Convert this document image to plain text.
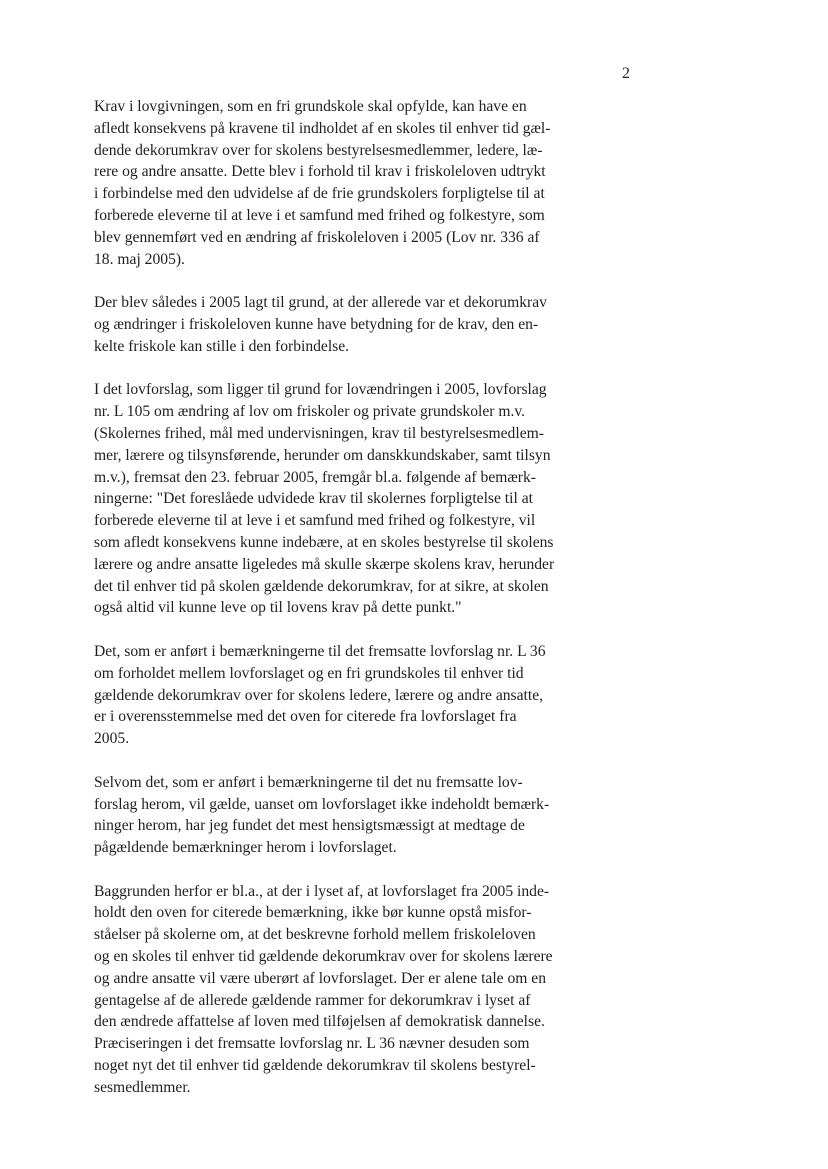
2

Krav i lovgivningen, som en fri grundskole skal opfylde, kan have en
afledt konsekvens på kravene til indholdet af en skoles til enhver tid gæl-
dende dekorumkrav over for skolens bestyrelsesmedlemmer, ledere, læ-
rere og andre ansatte. Dette blev i forhold til krav i friskoleloven udtrykt
i forbindelse med den udvidelse af de frie grundskolers forpligtelse til at
forberede eleverne til at leve i et samfund med frihed og folkestyre, som
blev gennemført ved en ændring af friskoleloven i 2005 (Lov nr. 336 af
18. maj 2005).

Der blev således i 2005 lagt til grund, at der allerede var et dekorumkrav
og ændringer i friskoleloven kunne have betydning for de krav, den en-
kelte friskole kan stille i den forbindelse.

I det lovforslag, som ligger til grund for lovændringen i 2005, lovforslag
nr. L 105 om ændring af lov om friskoler og private grundskoler m.v.
(Skolernes frihed, mål med undervisningen, krav til bestyrelsesmedlem-
mer, lærere og tilsynsførende, herunder om danskkundskaber, samt tilsyn
m.v.), fremsat den 23. februar 2005, fremgår bl.a. følgende af bemærk-
ningerne: "Det foreslåede udvidede krav til skolernes forpligtelse til at
forberede eleverne til at leve i et samfund med frihed og folkestyre, vil
som afledt konsekvens kunne indebære, at en skoles bestyrelse til skolens
lærere og andre ansatte ligeledes må skulle skærpe skolens krav, herunder
det til enhver tid på skolen gældende dekorumkrav, for at sikre, at skolen
også altid vil kunne leve op til lovens krav på dette punkt."

Det, som er anført i bemærkningerne til det fremsatte lovforslag nr. L 36
om forholdet mellem lovforslaget og en fri grundskoles til enhver tid
gældende dekorumkrav over for skolens ledere, lærere og andre ansatte,
er i overensstemmelse med det oven for citerede fra lovforslaget fra
2005.

Selvom det, som er anført i bemærkningerne til det nu fremsatte lov-
forslag herom, vil gælde, uanset om lovforslaget ikke indeholdt bemærk-
ninger herom, har jeg fundet det mest hensigtsmæssigt at medtage de
pågældende bemærkninger herom i lovforslaget.

Baggrunden herfor er bl.a., at der i lyset af, at lovforslaget fra 2005 inde-
holdt den oven for citerede bemærkning, ikke bør kunne opstå misfor-
ståelser på skolerne om, at det beskrevne forhold mellem friskoleloven
og en skoles til enhver tid gældende dekorumkrav over for skolens lærere
og andre ansatte vil være uberørt af lovforslaget. Der er alene tale om en
gentagelse af de allerede gældende rammer for dekorumkrav i lyset af
den ændrede affattelse af loven med tilføjelsen af demokratisk dannelse.
Præciseringen i det fremsatte lovforslag nr. L 36 nævner desuden som
noget nyt det til enhver tid gældende dekorumkrav til skolens bestyrel-
sesmedlemmer.
